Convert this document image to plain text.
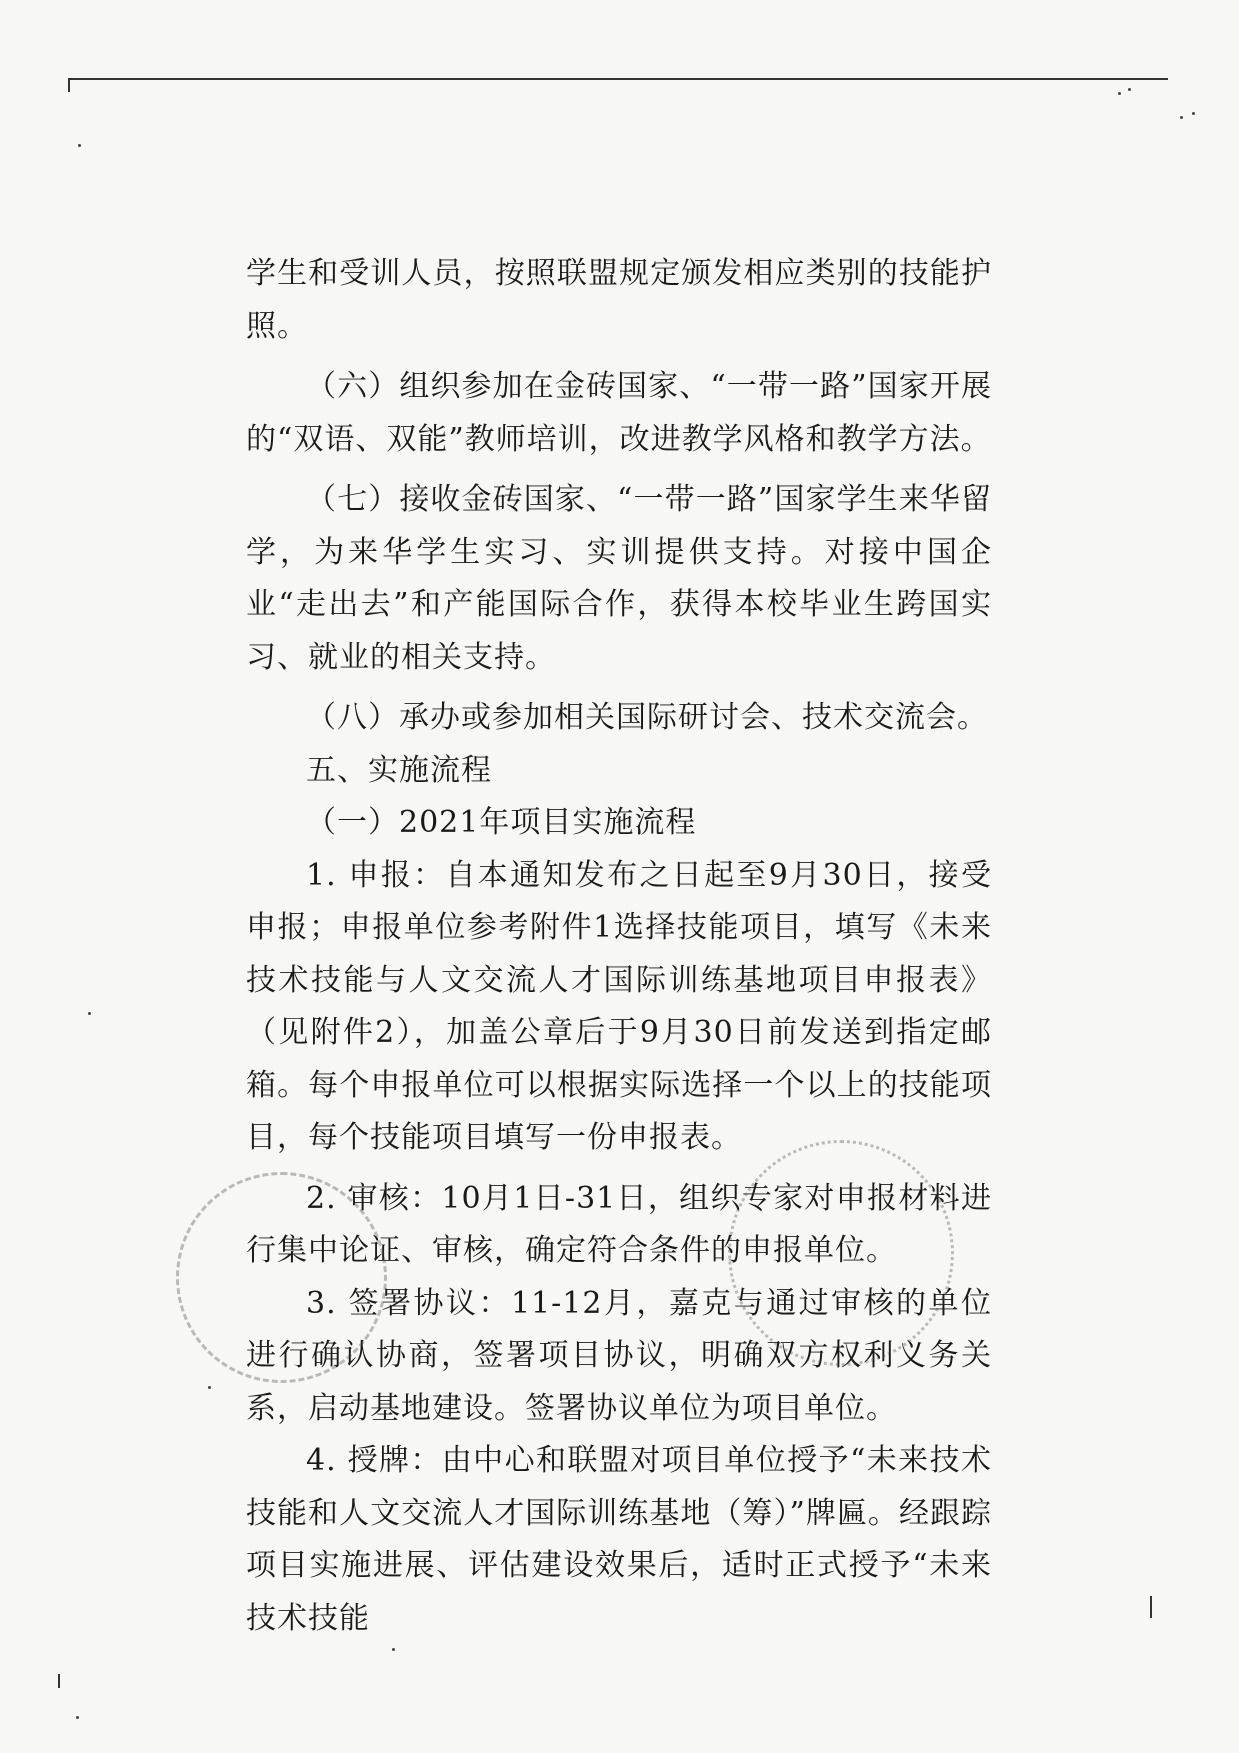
学生和受训人员，按照联盟规定颁发相应类别的技能护照。

（六）组织参加在金砖国家、“一带一路”国家开展的“双语、双能”教师培训，改进教学风格和教学方法。

（七）接收金砖国家、“一带一路”国家学生来华留学，为来华学生实习、实训提供支持。对接中国企业“走出去”和产能国际合作，获得本校毕业生跨国实习、就业的相关支持。

（八）承办或参加相关国际研讨会、技术交流会。

五、实施流程

（一）2021年项目实施流程

1. 申报：自本通知发布之日起至9月30日，接受申报；申报单位参考附件1选择技能项目，填写《未来技术技能与人文交流人才国际训练基地项目申报表》（见附件2），加盖公章后于9月30日前发送到指定邮箱。每个申报单位可以根据实际选择一个以上的技能项目，每个技能项目填写一份申报表。

2. 审核：10月1日-31日，组织专家对申报材料进行集中论证、审核，确定符合条件的申报单位。

3. 签署协议：11-12月，嘉克与通过审核的单位进行确认协商，签署项目协议，明确双方权利义务关系，启动基地建设。签署协议单位为项目单位。

4. 授牌：由中心和联盟对项目单位授予“未来技术技能和人文交流人才国际训练基地（筹）”牌匾。经跟踪项目实施进展、评估建设效果后，适时正式授予“未来技术技能
